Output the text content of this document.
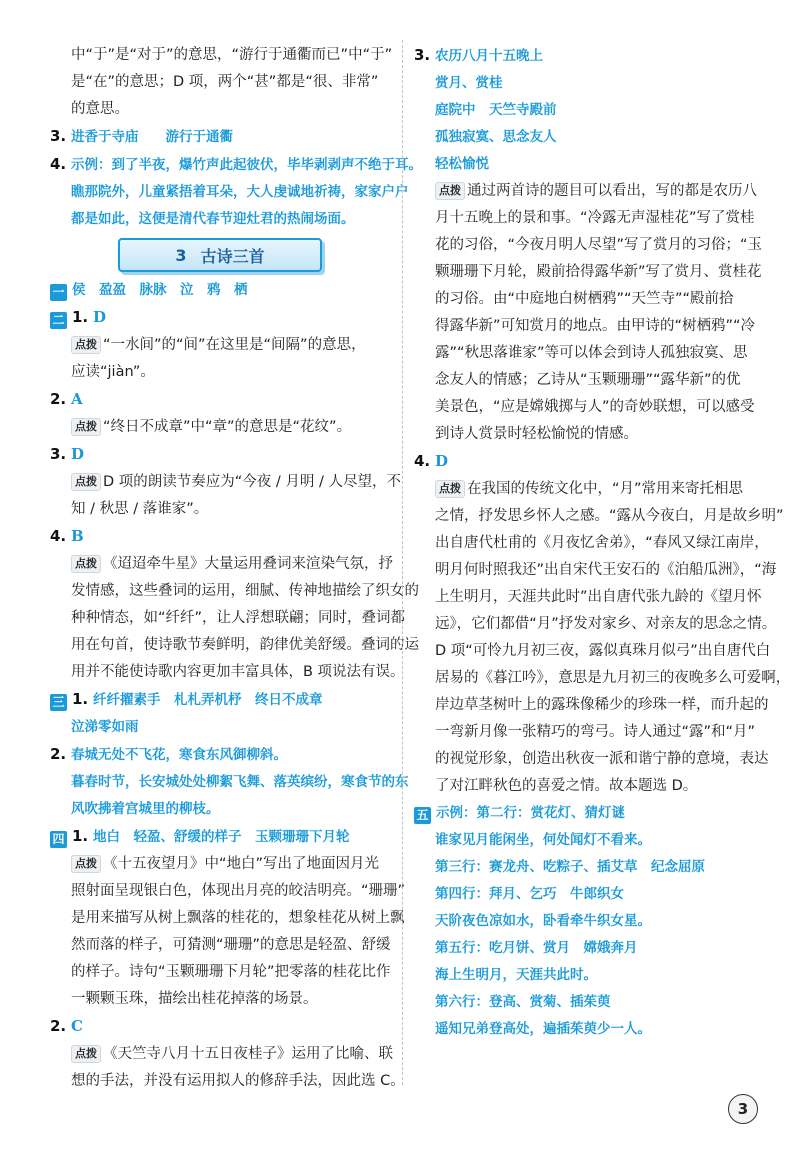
中“于”是“对于”的意思，“游行于通衢而已”中“于”
是“在”的意思；D 项，两个“甚”都是“很、非常”
的意思。
3. 进香于寺庙　　游行于通衢
4. 示例：到了半夜，爆竹声此起彼伏，毕毕剥剥声不绝于耳。
瞧那院外，儿童紧捂着耳朵，大人虔诚地祈祷，家家户户
都是如此，这便是清代春节迎灶君的热闹场面。
3 古诗三首
一 侯　盈盈　脉脉　泣　鸦　栖
二 1. D
点拨 “一水间”的“间”在这里是“间隔”的意思，
应读“jiàn”。
2. A
点拨 “终日不成章”中“章”的意思是“花纹”。
3. D
点拨 D 项的朗读节奏应为“今夜 / 月明 / 人尽望，不
知 / 秋思 / 落谁家”。
4. B
点拨 《迢迢牵牛星》大量运用叠词来渲染气氛，抒
发情感，这些叠词的运用，细腻、传神地描绘了织女的
种种情态，如“纤纤”，让人浮想联翩；同时，叠词都
用在句首，使诗歌节奏鲜明，韵律优美舒缓。叠词的运
用并不能使诗歌内容更加丰富具体，B 项说法有误。
三 1. 纤纤擢素手　札札弄机杼　终日不成章
泣涕零如雨
2. 春城无处不飞花，寒食东风御柳斜。
暮春时节，长安城处处柳絮飞舞、落英缤纷，寒食节的东
风吹拂着宫城里的柳枝。
四 1. 地白　轻盈、舒缓的样子　玉颗珊珊下月轮
点拨 《十五夜望月》中“地白”写出了地面因月光
照射面呈现银白色，体现出月亮的皎洁明亮。“珊珊”
是用来描写从树上飘落的桂花的，想象桂花从树上飘
然而落的样子，可猜测“珊珊”的意思是轻盈、舒缓
的样子。诗句“玉颗珊珊下月轮”把零落的桂花比作
一颗颗玉珠，描绘出桂花掉落的场景。
2. C
点拨 《天竺寺八月十五日夜桂子》运用了比喻、联
想的手法，并没有运用拟人的修辞手法，因此选 C。
3. 农历八月十五晚上
赏月、赏桂
庭院中　天竺寺殿前
孤独寂寞、思念友人
轻松愉悦
点拨 通过两首诗的题目可以看出，写的都是农历八
月十五晚上的景和事。“冷露无声湿桂花”写了赏桂
花的习俗，“今夜月明人尽望”写了赏月的习俗；“玉
颗珊珊下月轮，殿前拾得露华新”写了赏月、赏桂花
的习俗。由“中庭地白树栖鸦”“天竺寺”“殿前拾
得露华新”可知赏月的地点。由甲诗的“树栖鸦”“冷
露”“秋思落谁家”等可以体会到诗人孤独寂寞、思
念友人的情感；乙诗从“玉颗珊珊”“露华新”的优
美景色，“应是嫦娥掷与人”的奇妙联想，可以感受
到诗人赏景时轻松愉悦的情感。
4. D
点拨 在我国的传统文化中，“月”常用来寄托相思
之情，抒发思乡怀人之感。“露从今夜白，月是故乡明”
出自唐代杜甫的《月夜忆舍弟》，“春风又绿江南岸，
明月何时照我还”出自宋代王安石的《泊船瓜洲》，“海
上生明月，天涯共此时”出自唐代张九龄的《望月怀
远》，它们都借“月”抒发对家乡、对亲友的思念之情。
D 项“可怜九月初三夜，露似真珠月似弓”出自唐代白
居易的《暮江吟》，意思是九月初三的夜晚多么可爱啊，
岸边草茎树叶上的露珠像稀少的珍珠一样，而升起的
一弯新月像一张精巧的弯弓。诗人通过“露”和“月”
的视觉形象，创造出秋夜一派和谐宁静的意境，表达
了对江畔秋色的喜爱之情。故本题选 D。
五 示例：第二行：赏花灯、猜灯谜
谁家见月能闲坐，何处闻灯不看来。
第三行：赛龙舟、吃粽子、插艾草　纪念屈原
第四行：拜月、乞巧　牛郎织女
天阶夜色凉如水，卧看牵牛织女星。
第五行：吃月饼、赏月　嫦娥奔月
海上生明月，天涯共此时。
第六行：登高、赏菊、插茱萸
遥知兄弟登高处，遍插茱萸少一人。
3
